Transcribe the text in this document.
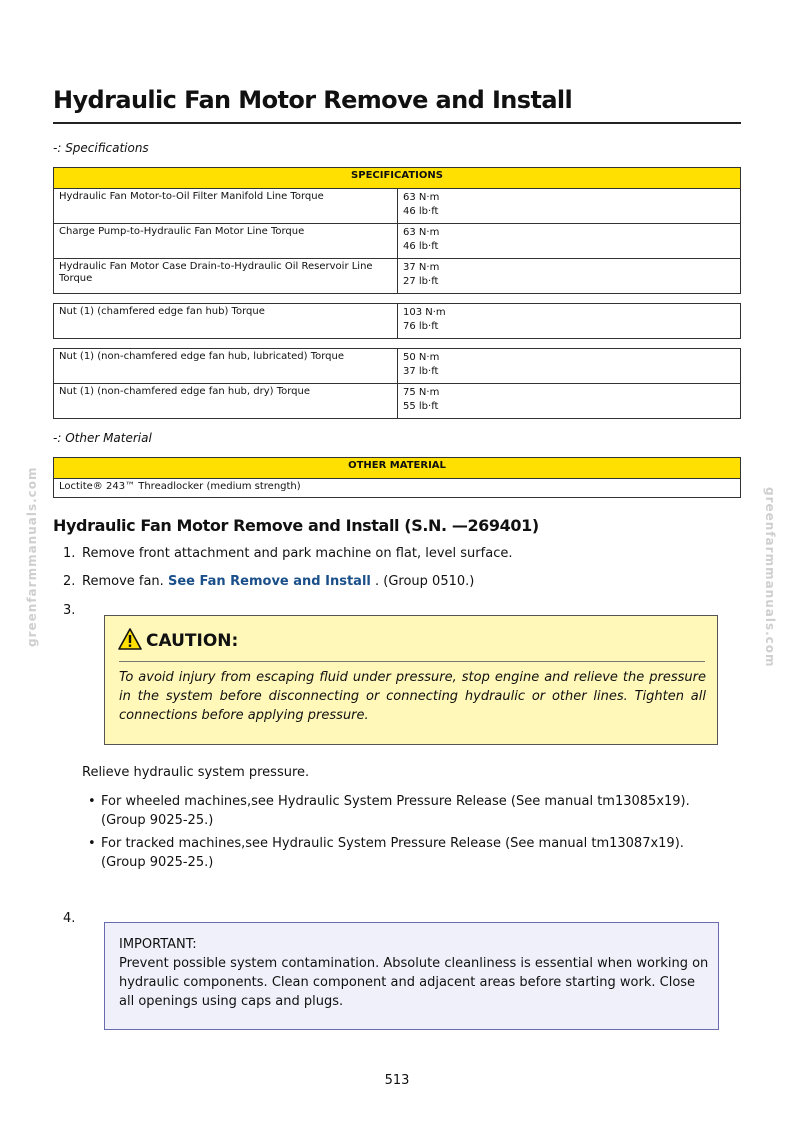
greenfarmmanuals.com	greenfarmmanuals.com
Hydraulic Fan Motor Remove and Install
-: Specifications
SPECIFICATIONS	
Hydraulic Fan Motor-to-Oil Filter Manifold Line Torque	63 N·m
46 lb·ft

Charge Pump-to-Hydraulic Fan Motor Line Torque	63 N·m
46 lb·ft

Hydraulic Fan Motor Case Drain-to-Hydraulic Oil Reservoir Line Torque	37 N·m
27 lb·ft
Nut (1) (chamfered edge fan hub) Torque	103 N·m
76 lb·ft
Nut (1) (non-chamfered edge fan hub, lubricated) Torque	50 N·m
37 lb·ft

Nut (1) (non-chamfered edge fan hub, dry) Torque	75 N·m
55 lb·ft
-: Other Material
OTHER MATERIAL
Loctite® 243™ Threadlocker (medium strength)
Hydraulic Fan Motor Remove and Install (S.N. —269401)
1. Remove front attachment and park machine on flat, level surface.
2. Remove fan. See Fan Remove and Install . (Group 0510.)
3.
CAUTION:
To avoid injury from escaping fluid under pressure, stop engine and relieve the pressure in the system before disconnecting or connecting hydraulic or other lines. Tighten all connections before applying pressure.
Relieve hydraulic system pressure.
• For wheeled machines,see Hydraulic System Pressure Release (See manual tm13085x19). (Group 9025-25.)
• For tracked machines,see Hydraulic System Pressure Release (See manual tm13087x19). (Group 9025-25.)
4.
IMPORTANT:
Prevent possible system contamination. Absolute cleanliness is essential when working on hydraulic components. Clean component and adjacent areas before starting work. Close all openings using caps and plugs.
513
